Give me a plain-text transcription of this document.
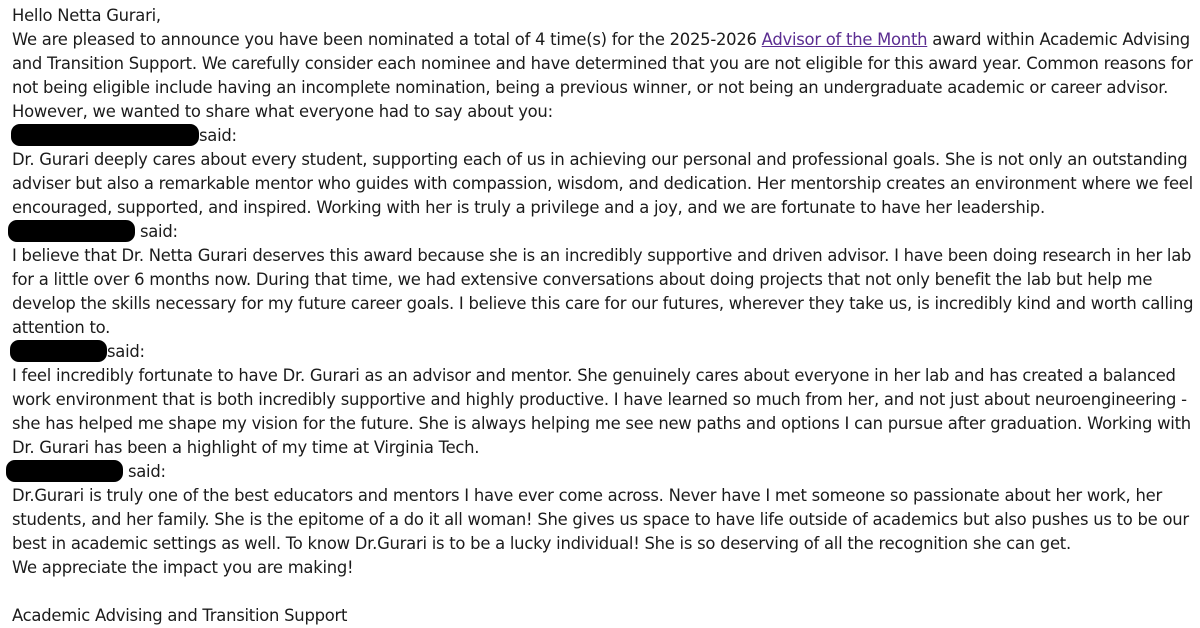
Hello Netta Gurari,
We are pleased to announce you have been nominated a total of 4 time(s) for the 2025-2026 Advisor of the Month award within Academic Advising and Transition Support. We carefully consider each nominee and have determined that you are not eligible for this award year. Common reasons for not being eligible include having an incomplete nomination, being a previous winner, or not being an undergraduate academic or career advisor.
However, we wanted to share what everyone had to say about you:
said:
Dr. Gurari deeply cares about every student, supporting each of us in achieving our personal and professional goals. She is not only an outstanding adviser but also a remarkable mentor who guides with compassion, wisdom, and dedication. Her mentorship creates an environment where we feel encouraged, supported, and inspired. Working with her is truly a privilege and a joy, and we are fortunate to have her leadership.
said:
I believe that Dr. Netta Gurari deserves this award because she is an incredibly supportive and driven advisor. I have been doing research in her lab for a little over 6 months now. During that time, we had extensive conversations about doing projects that not only benefit the lab but help me develop the skills necessary for my future career goals. I believe this care for our futures, wherever they take us, is incredibly kind and worth calling attention to.
said:
I feel incredibly fortunate to have Dr. Gurari as an advisor and mentor. She genuinely cares about everyone in her lab and has created a balanced work environment that is both incredibly supportive and highly productive. I have learned so much from her, and not just about neuroengineering - she has helped me shape my vision for the future. She is always helping me see new paths and options I can pursue after graduation. Working with Dr. Gurari has been a highlight of my time at Virginia Tech.
said:
Dr.Gurari is truly one of the best educators and mentors I have ever come across. Never have I met someone so passionate about her work, her students, and her family. She is the epitome of a do it all woman! She gives us space to have life outside of academics but also pushes us to be our best in academic settings as well. To know Dr.Gurari is to be a lucky individual! She is so deserving of all the recognition she can get.
We appreciate the impact you are making!
Academic Advising and Transition Support
